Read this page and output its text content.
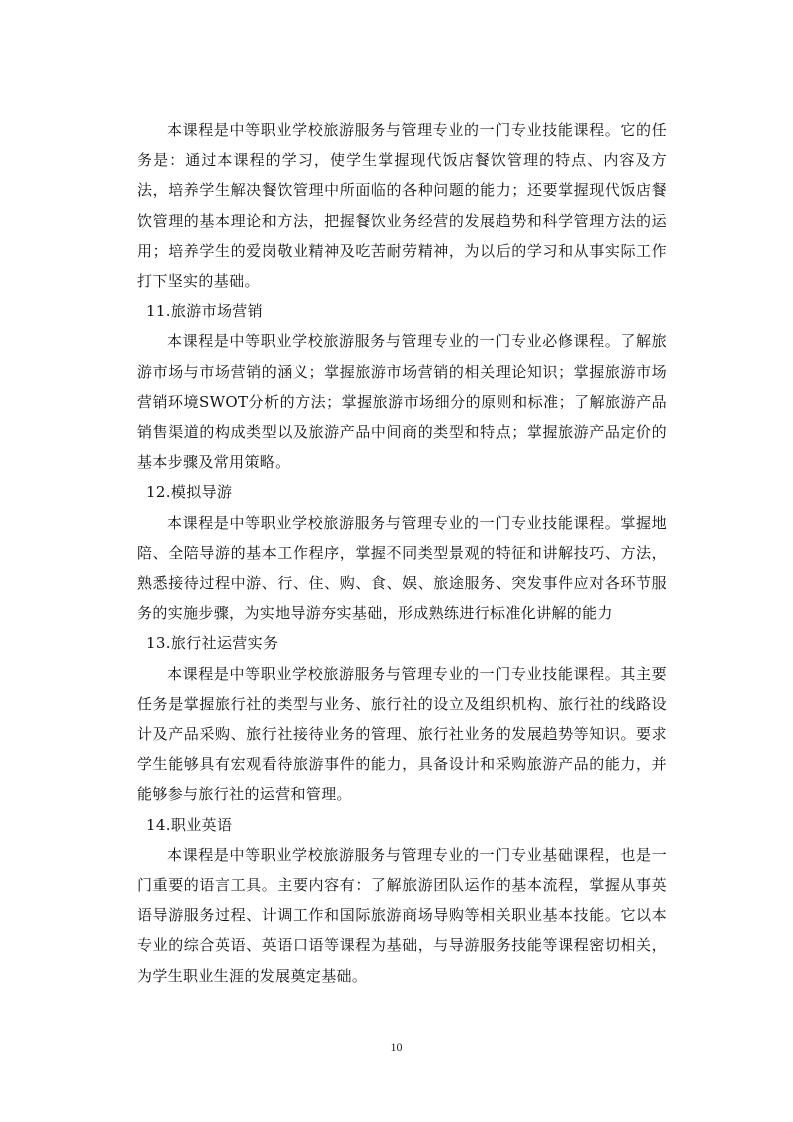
本课程是中等职业学校旅游服务与管理专业的一门专业技能课程。它的任务是：通过本课程的学习，使学生掌握现代饭店餐饮管理的特点、内容及方法，培养学生解决餐饮管理中所面临的各种问题的能力；还要掌握现代饭店餐饮管理的基本理论和方法，把握餐饮业务经营的发展趋势和科学管理方法的运用；培养学生的爱岗敬业精神及吃苦耐劳精神，为以后的学习和从事实际工作打下坚实的基础。

11.旅游市场营销

本课程是中等职业学校旅游服务与管理专业的一门专业必修课程。了解旅游市场与市场营销的涵义；掌握旅游市场营销的相关理论知识；掌握旅游市场营销环境SWOT分析的方法；掌握旅游市场细分的原则和标准；了解旅游产品销售渠道的构成类型以及旅游产品中间商的类型和特点；掌握旅游产品定价的基本步骤及常用策略。

12.模拟导游

本课程是中等职业学校旅游服务与管理专业的一门专业技能课程。掌握地陪、全陪导游的基本工作程序，掌握不同类型景观的特征和讲解技巧、方法，熟悉接待过程中游、行、住、购、食、娱、旅途服务、突发事件应对各环节服务的实施步骤，为实地导游夯实基础，形成熟练进行标准化讲解的能力

13.旅行社运营实务

本课程是中等职业学校旅游服务与管理专业的一门专业技能课程。其主要任务是掌握旅行社的类型与业务、旅行社的设立及组织机构、旅行社的线路设计及产品采购、旅行社接待业务的管理、旅行社业务的发展趋势等知识。要求学生能够具有宏观看待旅游事件的能力，具备设计和采购旅游产品的能力，并能够参与旅行社的运营和管理。

14.职业英语

本课程是中等职业学校旅游服务与管理专业的一门专业基础课程，也是一门重要的语言工具。主要内容有：了解旅游团队运作的基本流程，掌握从事英语导游服务过程、计调工作和国际旅游商场导购等相关职业基本技能。它以本专业的综合英语、英语口语等课程为基础，与导游服务技能等课程密切相关，为学生职业生涯的发展奠定基础。

10
